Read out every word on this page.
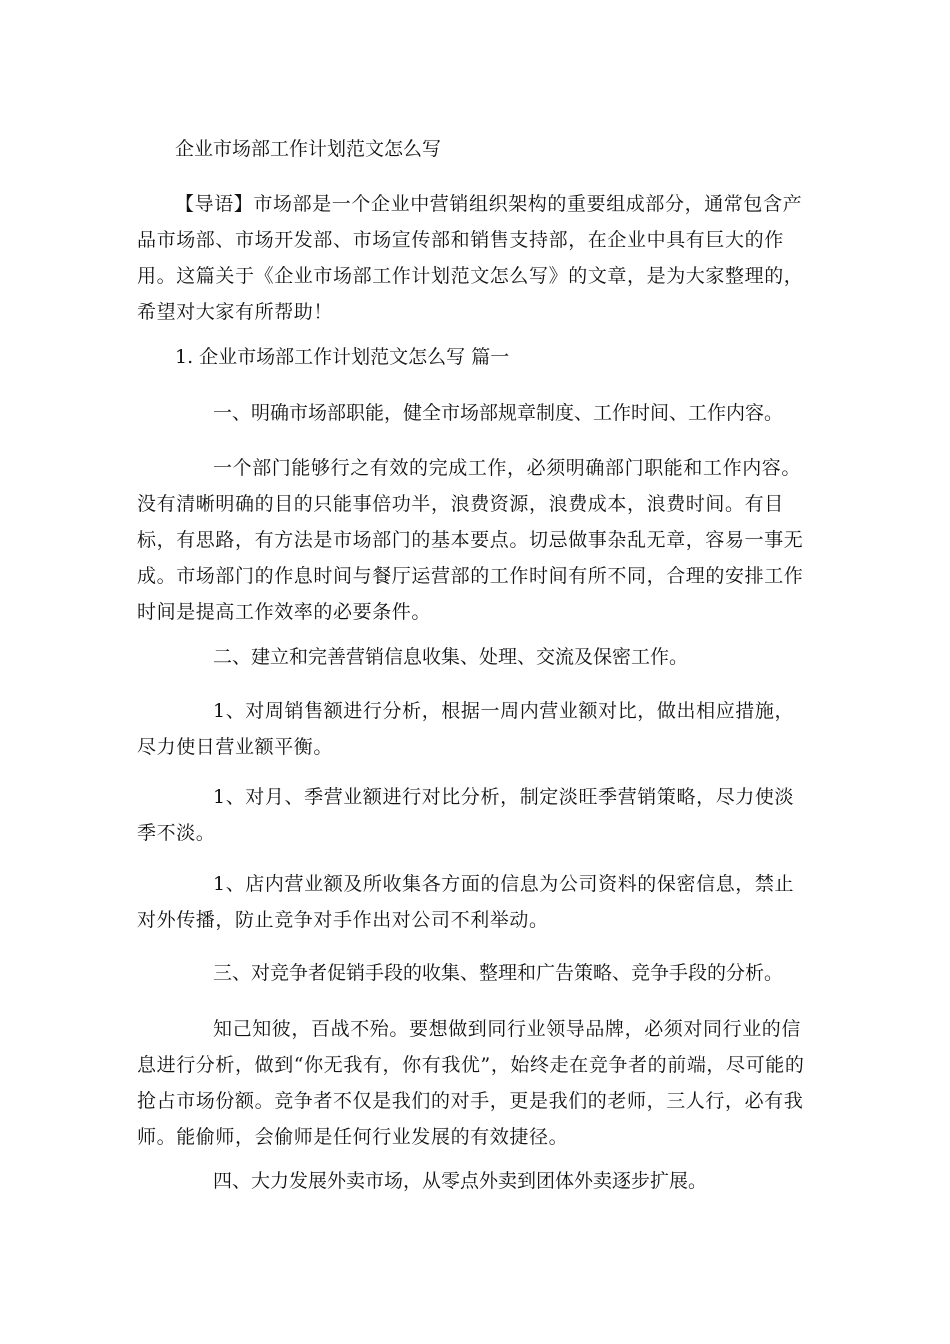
企业市场部工作计划范文怎么写
【导语】市场部是一个企业中营销组织架构的重要组成部分，通常包含产品市场部、市场开发部、市场宣传部和销售支持部，在企业中具有巨大的作用。这篇关于《企业市场部工作计划范文怎么写》的文章，是为大家整理的，希望对大家有所帮助！
1. 企业市场部工作计划范文怎么写 篇一
一、明确市场部职能，健全市场部规章制度、工作时间、工作内容。
一个部门能够行之有效的完成工作，必须明确部门职能和工作内容。没有清晰明确的目的只能事倍功半，浪费资源，浪费成本，浪费时间。有目标，有思路，有方法是市场部门的基本要点。切忌做事杂乱无章，容易一事无成。市场部门的作息时间与餐厅运营部的工作时间有所不同，合理的安排工作时间是提高工作效率的必要条件。
二、建立和完善营销信息收集、处理、交流及保密工作。
1、对周销售额进行分析，根据一周内营业额对比，做出相应措施，尽力使日营业额平衡。
1、对月、季营业额进行对比分析，制定淡旺季营销策略，尽力使淡季不淡。
1、店内营业额及所收集各方面的信息为公司资料的保密信息，禁止对外传播，防止竞争对手作出对公司不利举动。
三、对竞争者促销手段的收集、整理和广告策略、竞争手段的分析。
知己知彼，百战不殆。要想做到同行业领导品牌，必须对同行业的信息进行分析，做到“你无我有，你有我优”，始终走在竞争者的前端，尽可能的抢占市场份额。竞争者不仅是我们的对手，更是我们的老师，三人行，必有我师。能偷师，会偷师是任何行业发展的有效捷径。
四、大力发展外卖市场，从零点外卖到团体外卖逐步扩展。
